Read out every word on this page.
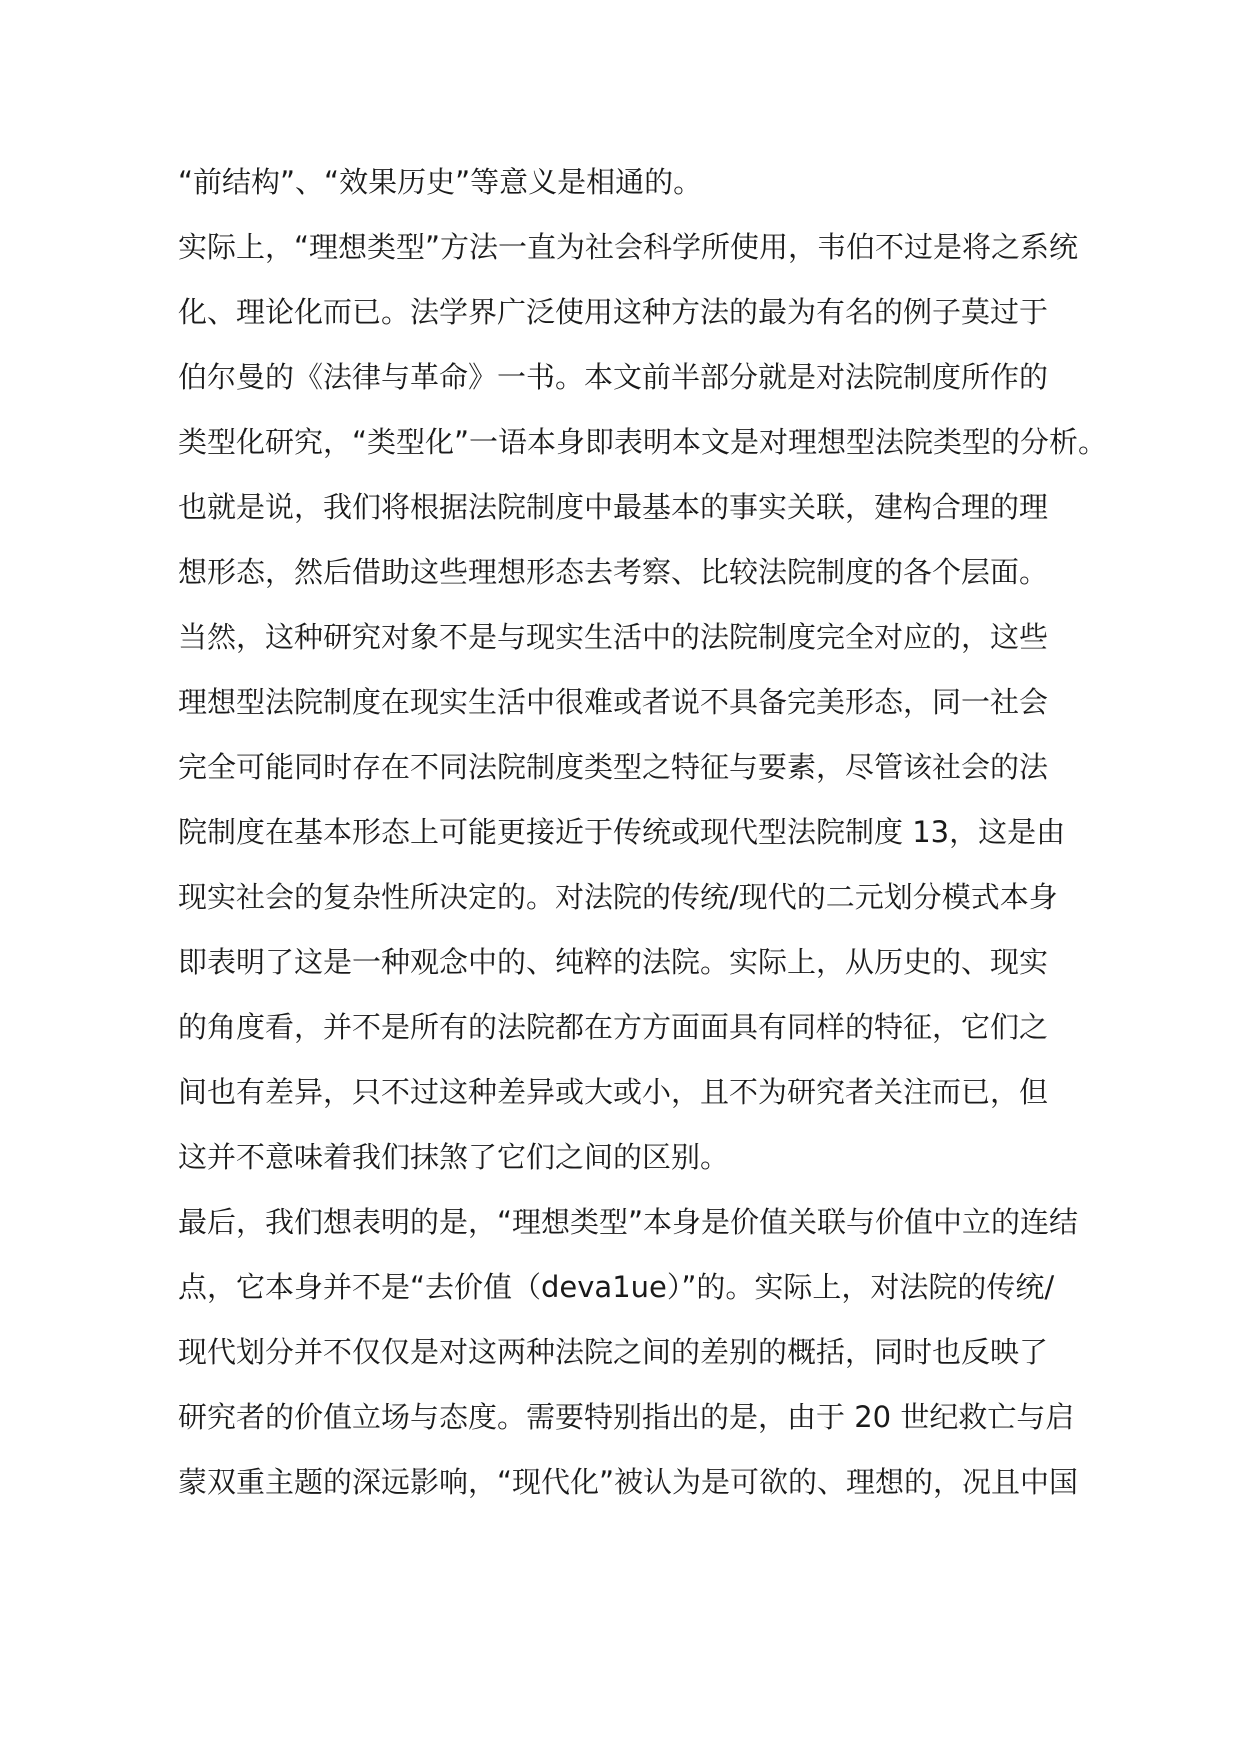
“前结构”、“效果历史”等意义是相通的。
实际上，“理想类型”方法一直为社会科学所使用，韦伯不过是将之系统
化、理论化而已。法学界广泛使用这种方法的最为有名的例子莫过于
伯尔曼的《法律与革命》一书。本文前半部分就是对法院制度所作的
类型化研究，“类型化”一语本身即表明本文是对理想型法院类型的分析。
也就是说，我们将根据法院制度中最基本的事实关联，建构合理的理
想形态，然后借助这些理想形态去考察、比较法院制度的各个层面。
当然，这种研究对象不是与现实生活中的法院制度完全对应的，这些
理想型法院制度在现实生活中很难或者说不具备完美形态，同一社会
完全可能同时存在不同法院制度类型之特征与要素，尽管该社会的法
院制度在基本形态上可能更接近于传统或现代型法院制度 13，这是由
现实社会的复杂性所决定的。对法院的传统/现代的二元划分模式本身
即表明了这是一种观念中的、纯粹的法院。实际上，从历史的、现实
的角度看，并不是所有的法院都在方方面面具有同样的特征，它们之
间也有差异，只不过这种差异或大或小，且不为研究者关注而已，但
这并不意味着我们抹煞了它们之间的区别。
最后，我们想表明的是，“理想类型”本身是价值关联与价值中立的连结
点，它本身并不是“去价值（deva1ue）”的。实际上，对法院的传统/
现代划分并不仅仅是对这两种法院之间的差别的概括，同时也反映了
研究者的价值立场与态度。需要特别指出的是，由于 20 世纪救亡与启
蒙双重主题的深远影响，“现代化”被认为是可欲的、理想的，况且中国
